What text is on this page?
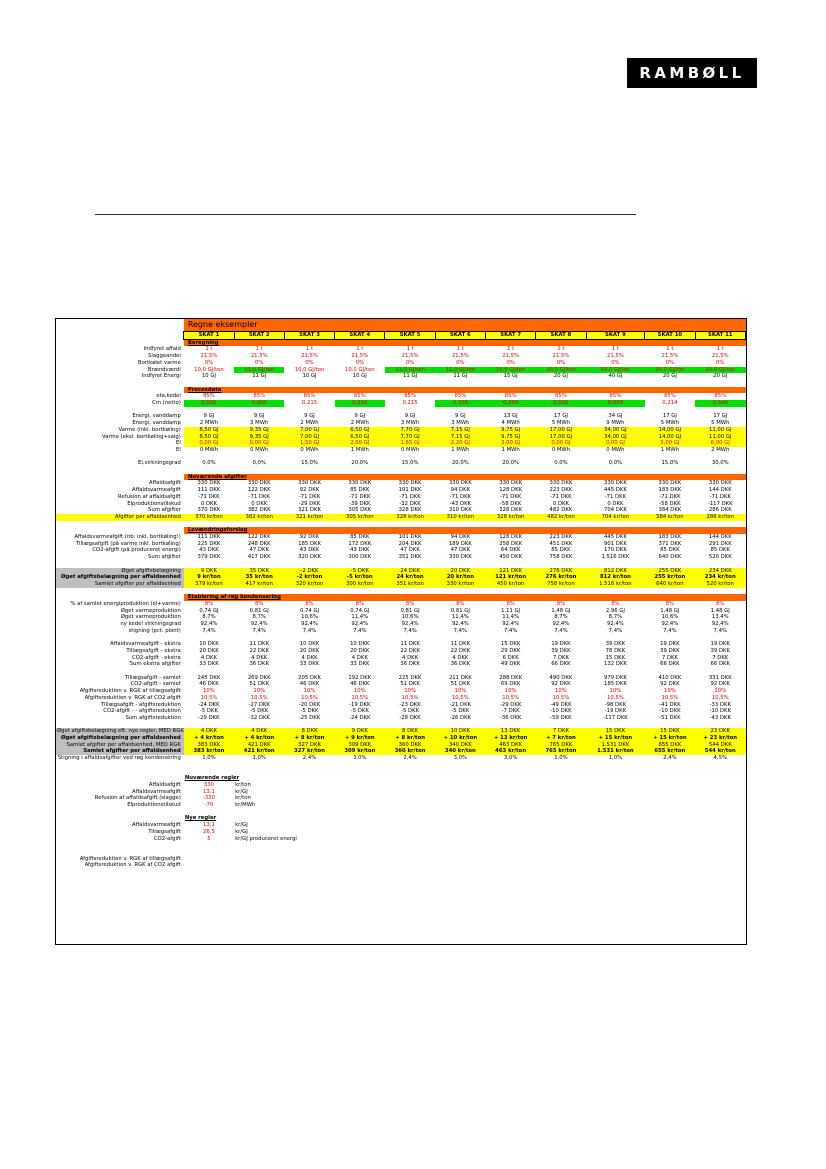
RAMBØLL
	Regne eksempler										
	SKAT 1	SKAT 2	SKAT 3	SKAT 4	SKAT 5	SKAT 6	SKAT 7	SKAT 8	SKAT 9	SKAT 10	SKAT 11
	Beregning										
Indfyret affald	1 t	1 t	1 t	1 t	1 t	1 t	1 t	1 t	1 t	1 t	1 t
Slaggeandel	21,5%	21,5%	21,5%	21,5%	21,5%	21,5%	21,5%	21,5%	21,5%	21,5%	21,5%
Bortkølet varme	0%	0%	0%	0%	0%	0%	0%	0%	0%	0%	0%
Brændværdi	10,0 GJ/ton	11,0 GJ/ton	10,0 GJ/ton	10,0 GJ/ton	11,0 GJ/ton	11,0 GJ/ton	15,0 GJ/ton	20,0 GJ/ton	40,0 GJ/ton	20,0 GJ/ton	20,0 GJ/ton
Indfyret Energi	10 GJ	11 GJ	10 GJ	10 GJ	11 GJ	11 GJ	15 GJ	20 GJ	40 GJ	20 GJ	20 GJ

	Procesdata										
eta,kedel	85%	85%	85%	85%	85%	85%	85%	85%	85%	85%	85%
Cm (netto)	0,000	0,000	0,215	0,300	0,215	0,300	0,300	0,000	0,000	0,214	0,540

Energi, vanddamp	9 GJ	9 GJ	9 GJ	9 GJ	9 GJ	9 GJ	13 GJ	17 GJ	34 GJ	17 GJ	17 GJ
Energi, vanddamp	2 MWh	3 MWh	2 MWh	2 MWh	3 MWh	3 MWh	4 MWh	5 MWh	9 MWh	5 MWh	5 MWh
Varme (inkl. bortkøling)	8,50 GJ	9,35 GJ	7,00 GJ	6,50 GJ	7,70 GJ	7,15 GJ	9,75 GJ	17,00 GJ	34,00 GJ	14,00 GJ	11,00 GJ
Varme (eksl. bortkøling+salg)	8,50 GJ	9,35 GJ	7,00 GJ	6,50 GJ	7,70 GJ	7,15 GJ	9,75 GJ	17,00 GJ	34,00 GJ	14,00 GJ	11,00 GJ
El	0,00 GJ	0,00 GJ	1,50 GJ	2,00 GJ	1,65 GJ	2,20 GJ	3,00 GJ	0,00 GJ	0,00 GJ	3,00 GJ	6,00 GJ
El	0 MWh	0 MWh	0 MWh	1 MWh	0 MWh	1 MWh	1 MWh	0 MWh	0 MWh	1 MWh	2 MWh

El,virkningsgrad	0,0%	0,0%	15,0%	20,0%	15,0%	20,0%	20,0%	0,0%	0,0%	15,0%	30,0%

	Nuværende afgifter										
Affaldsafgift	330 DKK	330 DKK	330 DKK	330 DKK	330 DKK	330 DKK	330 DKK	330 DKK	330 DKK	330 DKK	330 DKK
Affaldsvarmeafgift	111 DKK	122 DKK	92 DKK	85 DKK	101 DKK	94 DKK	128 DKK	223 DKK	445 DKK	183 DKK	144 DKK
Refusion af affaldsafgift	-71 DKK	-71 DKK	-71 DKK	-71 DKK	-71 DKK	-71 DKK	-71 DKK	-71 DKK	-71 DKK	-71 DKK	-71 DKK
Elproduktionstilskud	0 DKK	0 DKK	-29 DKK	-39 DKK	-32 DKK	-43 DKK	-58 DKK	0 DKK	0 DKK	-58 DKK	-117 DKK
Sum afgifter	370 DKK	382 DKK	321 DKK	305 DKK	328 DKK	310 DKK	328 DKK	482 DKK	704 DKK	384 DKK	286 DKK
Afgifter per affaldsenhed	370 kr/ton	382 kr/ton	321 kr/ton	305 kr/ton	328 kr/ton	310 kr/ton	328 kr/ton	482 kr/ton	704 kr/ton	384 kr/ton	286 kr/ton

	Lovændringsforslag										
Affaldsvarmeafgift (nb: inkl. bortkøling!)	111 DKK	122 DKK	92 DKK	85 DKK	101 DKK	94 DKK	128 DKK	223 DKK	445 DKK	183 DKK	144 DKK
Tillægsafgift (på varme inkl. bortkøling)	225 DKK	248 DKK	185 DKK	172 DKK	204 DKK	189 DKK	258 DKK	451 DKK	901 DKK	371 DKK	291 DKK
CO2-afgift (på produceret energi)	43 DKK	47 DKK	43 DKK	43 DKK	47 DKK	47 DKK	64 DKK	85 DKK	170 DKK	85 DKK	85 DKK
Sum afgifter	379 DKK	417 DKK	320 DKK	300 DKK	351 DKK	330 DKK	450 DKK	758 DKK	1.516 DKK	640 DKK	520 DKK

Øget afgiftsbelægning	9 DKK	35 DKK	-2 DKK	-5 DKK	24 DKK	20 DKK	121 DKK	276 DKK	812 DKK	255 DKK	234 DKK
Øget afgiftsbelægning per affaldsenhed	9 kr/ton	35 kr/ton	-2 kr/ton	-5 kr/ton	24 kr/ton	20 kr/ton	121 kr/ton	276 kr/ton	812 kr/ton	255 kr/ton	234 kr/ton
Samlet afgifter per affaldsenhed	379 kr/ton	417 kr/ton	320 kr/ton	300 kr/ton	351 kr/ton	330 kr/ton	450 kr/ton	758 kr/ton	1.516 kr/ton	640 kr/ton	520 kr/ton

	Etablering af røg kondensering										
% af samlet energiproduktion (el+varme)	8%	8%	8%	8%	8%	8%	8%	8%	8%	8%	8%
Øget varmeproduktion	0,74 GJ	0,81 GJ	0,74 GJ	0,74 GJ	0,81 GJ	0,81 GJ	1,11 GJ	1,48 GJ	2,96 GJ	1,48 GJ	1,48 GJ
Øget varmeproduktion	8,7%	8,7%	10,6%	11,4%	10,6%	11,4%	11,4%	8,7%	8,7%	10,6%	13,4%
ny kedel virkningsgrad	92,4%	92,4%	92,4%	92,4%	92,4%	92,4%	92,4%	92,4%	92,4%	92,4%	92,4%
stigning (pct. point)	7,4%	7,4%	7,4%	7,4%	7,4%	7,4%	7,4%	7,4%	7,4%	7,4%	7,4%

Affaldsvarmeafgift - ekstra	10 DKK	11 DKK	10 DKK	10 DKK	11 DKK	11 DKK	15 DKK	19 DKK	39 DKK	19 DKK	19 DKK
Tillægsafgift - ekstra	20 DKK	22 DKK	20 DKK	20 DKK	22 DKK	22 DKK	29 DKK	39 DKK	78 DKK	39 DKK	39 DKK
CO2-afgift - ekstra	4 DKK	4 DKK	4 DKK	4 DKK	4 DKK	4 DKK	6 DKK	7 DKK	15 DKK	7 DKK	7 DKK
Sum ekstra afgifter	33 DKK	36 DKK	33 DKK	33 DKK	36 DKK	36 DKK	49 DKK	66 DKK	132 DKK	66 DKK	66 DKK

Tillægsafgift - samlet	245 DKK	269 DKK	205 DKK	192 DKK	225 DKK	211 DKK	288 DKK	490 DKK	979 DKK	410 DKK	331 DKK
CO2-afgift - samlet	46 DKK	51 DKK	46 DKK	46 DKK	51 DKK	51 DKK	69 DKK	92 DKK	185 DKK	92 DKK	92 DKK
Afgiftsreduktion v. RGK af tillægsafgift	10%	10%	10%	10%	10%	10%	10%	10%	10%	10%	10%
Afgiftsreduktion v. RGK af CO2 afgift	10,5%	10,5%	10,5%	10,5%	10,5%	10,5%	10,5%	10,5%	10,5%	10,5%	10,5%
Tillægsafgift - afgiftsreduktion	-24 DKK	-27 DKK	-20 DKK	-19 DKK	-23 DKK	-21 DKK	-29 DKK	-49 DKK	-98 DKK	-41 DKK	-33 DKK
CO2-afgift - - afgiftsreduktion	-5 DKK	-5 DKK	-5 DKK	-5 DKK	-5 DKK	-5 DKK	-7 DKK	-10 DKK	-19 DKK	-10 DKK	-10 DKK
Sum afgiftsreduktion	-29 DKK	-32 DKK	-25 DKK	-24 DKK	-28 DKK	-26 DKK	-36 DKK	-59 DKK	-117 DKK	-51 DKK	-43 DKK

Øget afgiftsbelægning eft. nye regler, MED RGK	4 DKK	4 DKK	8 DKK	9 DKK	8 DKK	10 DKK	13 DKK	7 DKK	15 DKK	15 DKK	23 DKK
Øget afgiftsbelægning per affaldsenhed	+ 4 kr/ton	+ 4 kr/ton	+ 8 kr/ton	+ 9 kr/ton	+ 8 kr/ton	+ 10 kr/ton	+ 13 kr/ton	+ 7 kr/ton	+ 15 kr/ton	+ 15 kr/ton	+ 23 kr/ton
Samlet afgifter per affaldsenhed, MED RGK	383 DKK	421 DKK	327 DKK	309 DKK	360 DKK	340 DKK	463 DKK	765 DKK	1.531 DKK	655 DKK	544 DKK
Samlet afgifter per affaldsenhed	383 kr/ton	421 kr/ton	327 kr/ton	309 kr/ton	360 kr/ton	340 kr/ton	463 kr/ton	765 kr/ton	1.531 kr/ton	655 kr/ton	544 kr/ton
Stigning i affaldsafgifter ved røg kondensering	1,0%	1,0%	2,4%	3,0%	2,4%	3,0%	3,0%	1,0%	1,0%	2,4%	4,5%

	Nuværende regler										
Affaldsafgift	330	kr/ton									
Affaldsvarmeafgift	13,1	kr/GJ									
Refusion af affaldsafgift (slagge)	-330	kr/ton									
Elproduktionstilskud	-70	kr/MWh									

	Nye regler										
Affaldsvarmeafgift	13,1	kr/GJ									
Tillægsafgift	26,5	kr/GJ									
CO2-afgift	5	kr/GJ produceret energi									

Afgiftsreduktion v. RGK af tillægsafgift											
Afgiftsreduktion v. RGK af CO2 afgift											
